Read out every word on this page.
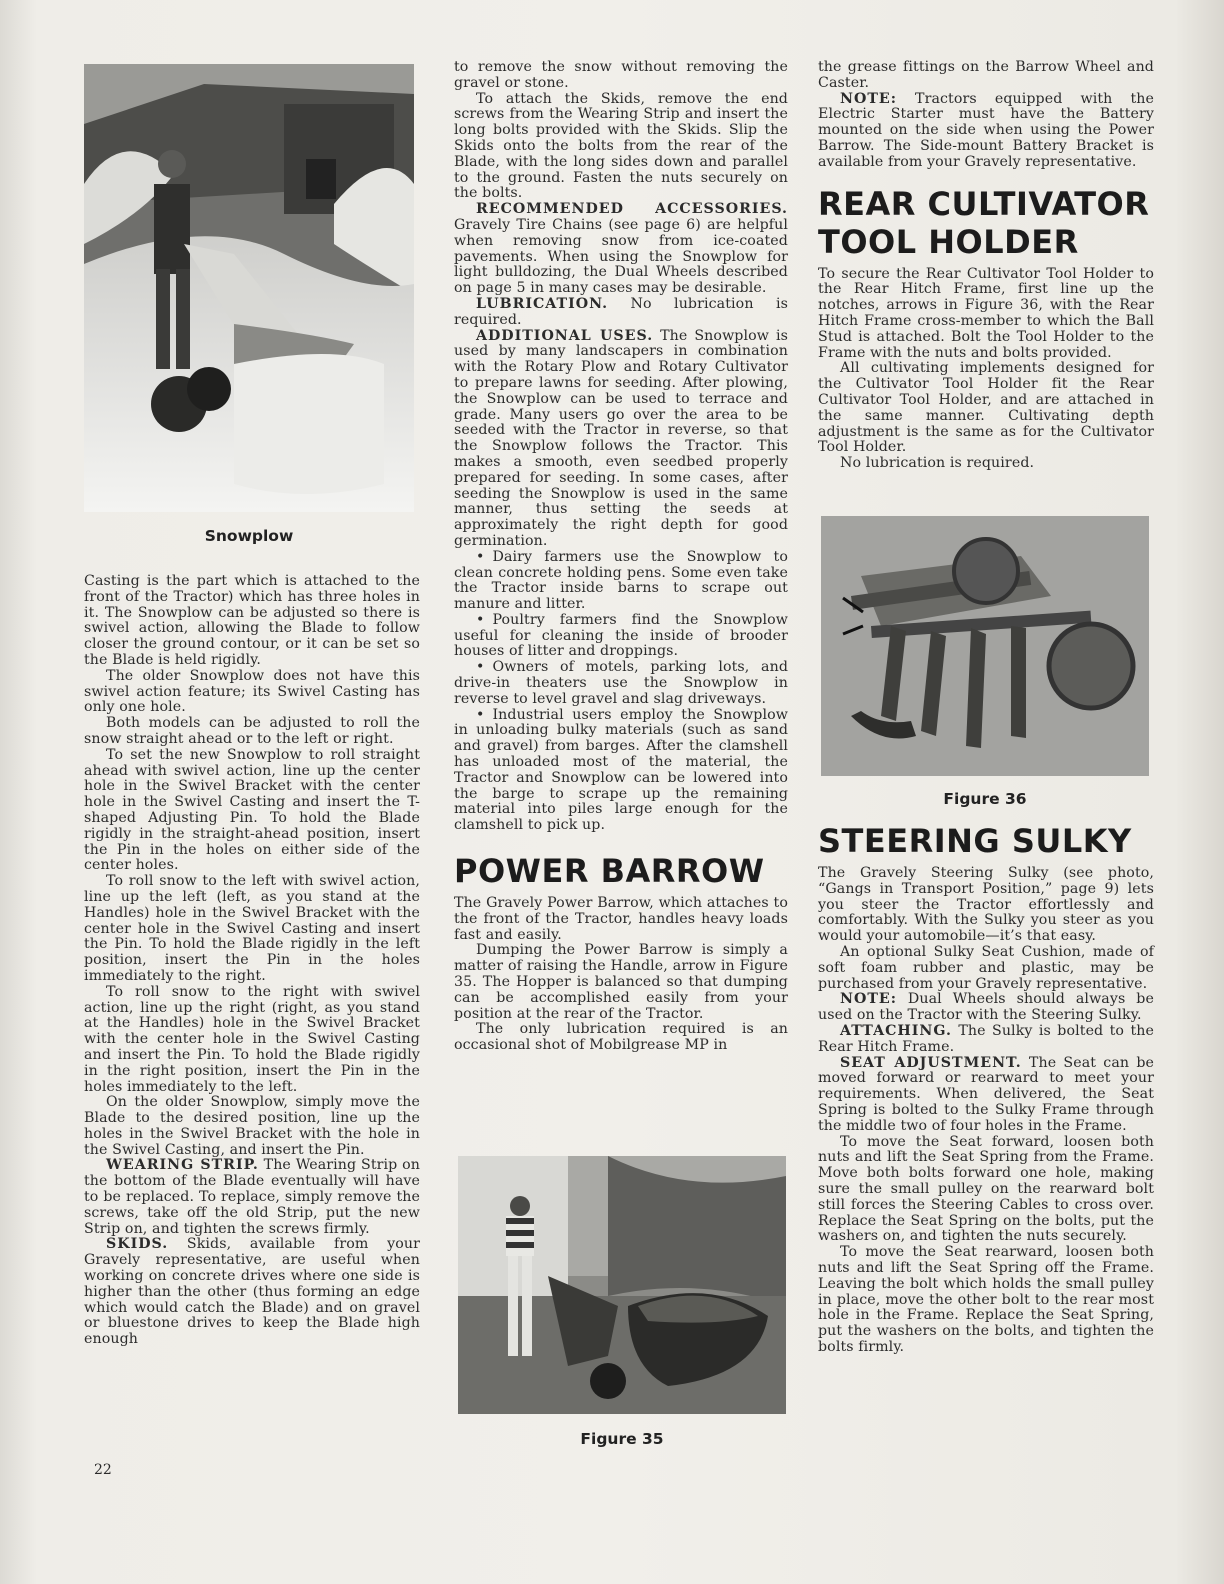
Snowplow

Casting is the part which is attached to the front of the Tractor) which has three holes in it. The Snowplow can be adjusted so there is swivel action, allowing the Blade to follow closer the ground contour, or it can be set so the Blade is held rigidly.

The older Snowplow does not have this swivel action feature; its Swivel Casting has only one hole.

Both models can be adjusted to roll the snow straight ahead or to the left or right.

To set the new Snowplow to roll straight ahead with swivel action, line up the center hole in the Swivel Bracket with the center hole in the Swivel Casting and insert the T-shaped Adjusting Pin. To hold the Blade rigidly in the straight-ahead position, insert the Pin in the holes on either side of the center holes.

To roll snow to the left with swivel action, line up the left (left, as you stand at the Handles) hole in the Swivel Bracket with the center hole in the Swivel Casting and insert the Pin. To hold the Blade rigidly in the left position, insert the Pin in the holes immediately to the right.

To roll snow to the right with swivel action, line up the right (right, as you stand at the Handles) hole in the Swivel Bracket with the center hole in the Swivel Casting and insert the Pin. To hold the Blade rigidly in the right position, insert the Pin in the holes immediately to the left.

On the older Snowplow, simply move the Blade to the desired position, line up the holes in the Swivel Bracket with the hole in the Swivel Casting, and insert the Pin.

WEARING STRIP. The Wearing Strip on the bottom of the Blade eventually will have to be replaced. To replace, simply remove the screws, take off the old Strip, put the new Strip on, and tighten the screws firmly.

SKIDS. Skids, available from your Gravely representative, are useful when working on concrete drives where one side is higher than the other (thus forming an edge which would catch the Blade) and on gravel or bluestone drives to keep the Blade high enough

22

to remove the snow without removing the gravel or stone.

To attach the Skids, remove the end screws from the Wearing Strip and insert the long bolts provided with the Skids. Slip the Skids onto the bolts from the rear of the Blade, with the long sides down and parallel to the ground. Fasten the nuts securely on the bolts.

RECOMMENDED ACCESSORIES. Gravely Tire Chains (see page 6) are helpful when removing snow from ice-coated pavements. When using the Snowplow for light bulldozing, the Dual Wheels described on page 5 in many cases may be desirable.

LUBRICATION. No lubrication is required.

ADDITIONAL USES. The Snowplow is used by many landscapers in combination with the Rotary Plow and Rotary Cultivator to prepare lawns for seeding. After plowing, the Snowplow can be used to terrace and grade. Many users go over the area to be seeded with the Tractor in reverse, so that the Snowplow follows the Tractor. This makes a smooth, even seedbed properly prepared for seeding. In some cases, after seeding the Snowplow is used in the same manner, thus setting the seeds at approximately the right depth for good germination.

• Dairy farmers use the Snowplow to clean concrete holding pens. Some even take the Tractor inside barns to scrape out manure and litter.

• Poultry farmers find the Snowplow useful for cleaning the inside of brooder houses of litter and droppings.

• Owners of motels, parking lots, and drive-in theaters use the Snowplow in reverse to level gravel and slag driveways.

• Industrial users employ the Snowplow in unloading bulky materials (such as sand and gravel) from barges. After the clamshell has unloaded most of the material, the Tractor and Snowplow can be lowered into the barge to scrape up the remaining material into piles large enough for the clamshell to pick up.

POWER BARROW

The Gravely Power Barrow, which attaches to the front of the Tractor, handles heavy loads fast and easily.

Dumping the Power Barrow is simply a matter of raising the Handle, arrow in Figure 35. The Hopper is balanced so that dumping can be accomplished easily from your position at the rear of the Tractor.

The only lubrication required is an occasional shot of Mobilgrease MP in

Figure 35

the grease fittings on the Barrow Wheel and Caster.

NOTE: Tractors equipped with the Electric Starter must have the Battery mounted on the side when using the Power Barrow. The Side-mount Battery Bracket is available from your Gravely representative.

REAR CULTIVATOR
TOOL HOLDER

To secure the Rear Cultivator Tool Holder to the Rear Hitch Frame, first line up the notches, arrows in Figure 36, with the Rear Hitch Frame cross-member to which the Ball Stud is attached. Bolt the Tool Holder to the Frame with the nuts and bolts provided.

All cultivating implements designed for the Cultivator Tool Holder fit the Rear Cultivator Tool Holder, and are attached in the same manner. Cultivating depth adjustment is the same as for the Cultivator Tool Holder.

No lubrication is required.

Figure 36
STEERING SULKY

The Gravely Steering Sulky (see photo, “Gangs in Transport Position,” page 9) lets you steer the Tractor effortlessly and comfortably. With the Sulky you steer as you would your automobile—it’s that easy.

An optional Sulky Seat Cushion, made of soft foam rubber and plastic, may be purchased from your Gravely representative.

NOTE: Dual Wheels should always be used on the Tractor with the Steering Sulky.

ATTACHING. The Sulky is bolted to the Rear Hitch Frame.

SEAT ADJUSTMENT. The Seat can be moved forward or rearward to meet your requirements. When delivered, the Seat Spring is bolted to the Sulky Frame through the middle two of four holes in the Frame.

To move the Seat forward, loosen both nuts and lift the Seat Spring from the Frame. Move both bolts forward one hole, making sure the small pulley on the rearward bolt still forces the Steering Cables to cross over. Replace the Seat Spring on the bolts, put the washers on, and tighten the nuts securely.

To move the Seat rearward, loosen both nuts and lift the Seat Spring off the Frame. Leaving the bolt which holds the small pulley in place, move the other bolt to the rear most hole in the Frame. Replace the Seat Spring, put the washers on the bolts, and tighten the bolts firmly.
